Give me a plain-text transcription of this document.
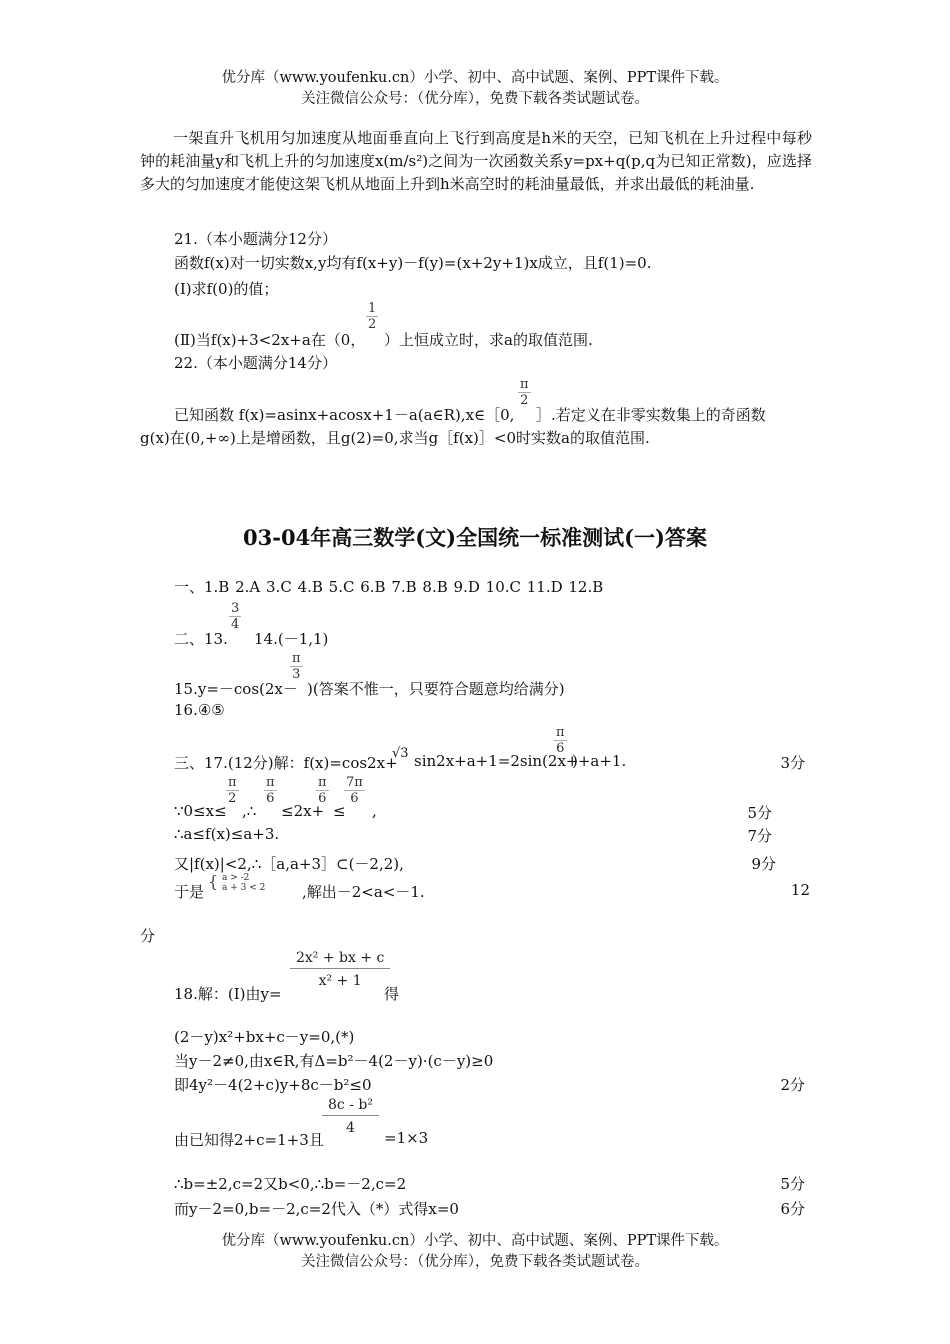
优分库（www.youfenku.cn）小学、初中、高中试题、案例、PPT课件下载。
关注微信公众号：（优分库），免费下载各类试题试卷。
一架直升飞机用匀加速度从地面垂直向上飞行到高度是h米的天空，已知飞机在上升过程中每秒钟的耗油量y和飞机上升的匀加速度x(m/s²)之间为一次函数关系y=px+q(p,q为已知正常数)，应选择多大的匀加速度才能使这架飞机从地面上升到h米高空时的耗油量最低，并求出最低的耗油量.
21.（本小题满分12分）
函数f(x)对一切实数x,y均有f(x+y)－f(y)=(x+2y+1)x成立，且f(1)=0.
(Ⅰ)求f(0)的值；
(Ⅱ)当f(x)+3<2x+a在（0，
$\frac{1}{2}$
）上恒成立时，求a的取值范围.
22.（本小题满分14分）
已知函数 f(x)=asinx+acosx+1－a(a∈R),x∈［0,
$\frac{\pi}{2}$
］.若定义在非零实数集上的奇函数
g(x)在(0,+∞)上是增函数，且g(2)=0,求当g［f(x)］<0时实数a的取值范围.
03-04年高三数学(文)全国统一标准测试(一)答案
一、1.B 2.A 3.C 4.B 5.C 6.B 7.B 8.B 9.D 10.C 11.D 12.B
二、13.
$\frac{3}{4}$
14.(－1,1)
15.y=－cos(2x－
$\frac{\pi}{3}$
)(答案不惟一，只要符合题意均给满分)
16.④⑤
三、17.(12分)解：f(x)=cos2x+
√3 sin2x+a+1=2sin(2x+
$\frac{\pi}{6}$
)+a+1.	3分
∵0≤x≤
$\frac{\pi}{2}$
,∴
$\frac{\pi}{6}$
≤2x+
$\frac{\pi}{6}$
≤
$\frac{7\pi}{6}$
,	5分
∴a≤f(x)≤a+3.	7分
又|f(x)|<2,∴［a,a+3］⊂(－2,2),	9分
于是
{ a > -2
a + 3 < 2 ,解出－2<a<－1.	12
分
18.解：(Ⅰ)由y=
$\frac{\text{2x² + bx + c}}{\text{x² + 1}}$
得
(2－y)x²+bx+c－y=0,(*)
当y－2≠0,由x∈R,有Δ=b²－4(2－y)·(c－y)≥0
即4y²－4(2+c)y+8c－b²≤0	2分
由已知得2+c=1+3且
$\frac{\text{8c - b²}}{4}$
=1×3
∴b=±2,c=2又b<0,∴b=－2,c=2	5分
而y－2=0,b=－2,c=2代入（*）式得x=0	6分
优分库（www.youfenku.cn）小学、初中、高中试题、案例、PPT课件下载。
关注微信公众号：（优分库），免费下载各类试题试卷。
